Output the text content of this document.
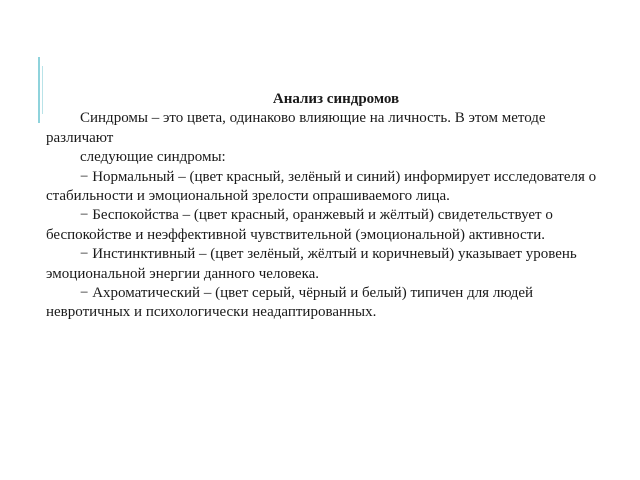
Анализ синдромов

Синдромы – это цвета, одинаково влияющие на личность. В этом методе различают

следующие синдромы:

− Нормальный – (цвет красный, зелёный и синий) информирует исследователя о стабильности и эмоциональной зрелости опрашиваемого лица.

− Беспокойства – (цвет красный, оранжевый и жёлтый) свидетельствует о беспокойстве и неэффективной чувствительной (эмоциональной) активности.

− Инстинктивный – (цвет зелёный, жёлтый и коричневый) указывает уровень эмоциональной энергии данного человека.

− Ахроматический – (цвет серый, чёрный и белый) типичен для людей невротичных и психологически неадаптированных.
